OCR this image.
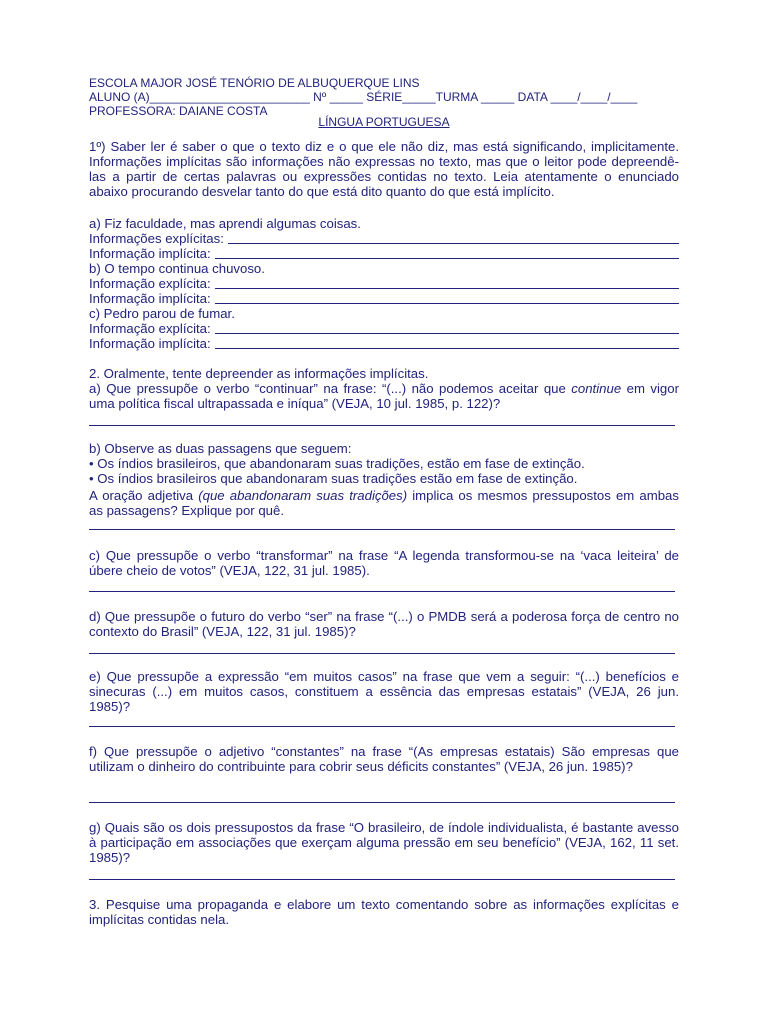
ESCOLA MAJOR JOSÉ TENÓRIO DE ALBUQUERQUE LINS
ALUNO (A)________________________ Nº _____ SÉRIE_____TURMA _____ DATA ____/____/____
PROFESSORA: DAIANE COSTA
LÍNGUA PORTUGUESA
1º) Saber ler é saber o que o texto diz e o que ele não diz, mas está significando, implicitamente. Informações implícitas são informações não expressas no texto, mas que o leitor pode depreendê-las a partir de certas palavras ou expressões contidas no texto. Leia atentamente o enunciado abaixo procurando desvelar tanto do que está dito quanto do que está implícito.
a) Fiz faculdade, mas aprendi algumas coisas.
Informações explícitas:
Informação implícita:
b) O tempo continua chuvoso.
Informação explícita:
Informação implícita:
c) Pedro parou de fumar.
Informação explícita:
Informação implícita:
2. Oralmente, tente depreender as informações implícitas.
a) Que pressupõe o verbo “continuar” na frase: “(...) não podemos aceitar que continue em vigor uma política fiscal ultrapassada e iníqua” (VEJA, 10 jul. 1985, p. 122)?
b) Observe as duas passagens que seguem:
• Os índios brasileiros, que abandonaram suas tradições, estão em fase de extinção.
• Os índios brasileiros que abandonaram suas tradições estão em fase de extinção.
A oração adjetiva (que abandonaram suas tradições) implica os mesmos pressupostos em ambas as passagens? Explique por quê.
c) Que pressupõe o verbo “transformar” na frase “A legenda transformou-se na ‘vaca leiteira’ de úbere cheio de votos” (VEJA, 122, 31 jul. 1985).
d) Que pressupõe o futuro do verbo “ser” na frase “(...) o PMDB será a poderosa força de centro no contexto do Brasil” (VEJA, 122, 31 jul. 1985)?
e) Que pressupõe a expressão “em muitos casos” na frase que vem a seguir: “(...) benefícios e sinecuras (...) em muitos casos, constituem a essência das empresas estatais” (VEJA, 26 jun. 1985)?
f) Que pressupõe o adjetivo “constantes” na frase “(As empresas estatais) São empresas que utilizam o dinheiro do contribuinte para cobrir seus déficits constantes” (VEJA, 26 jun. 1985)?
g) Quais são os dois pressupostos da frase “O brasileiro, de índole individualista, é bastante avesso à participação em associações que exerçam alguma pressão em seu benefício” (VEJA, 162, 11 set. 1985)?
3. Pesquise uma propaganda e elabore um texto comentando sobre as informações explícitas e implícitas contidas nela.
